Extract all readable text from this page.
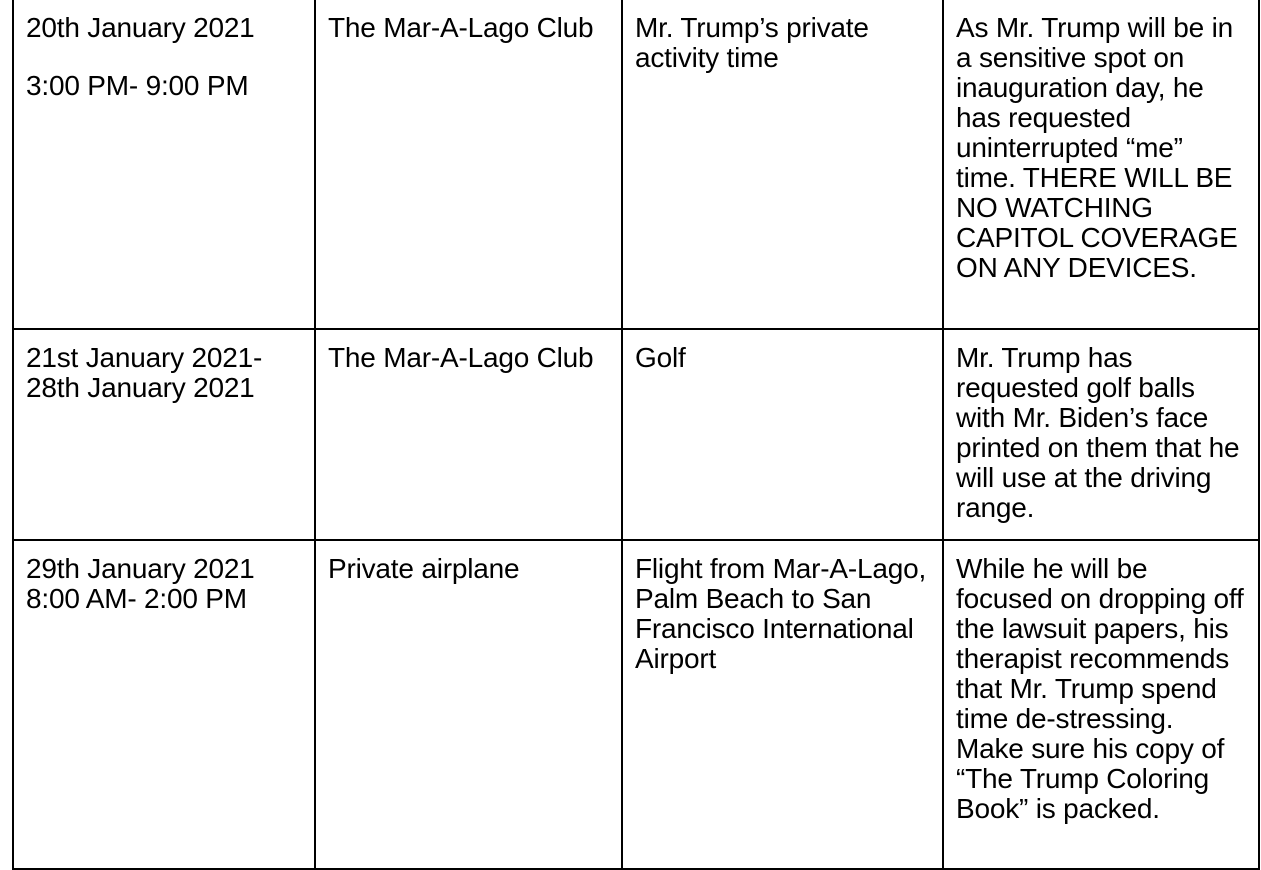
20th January 2021
3:00 PM- 9:00 PM	The Mar-A-Lago Club	Mr. Trump’s private activity time	As Mr. Trump will be in a sensitive spot on inauguration day, he has requested uninterrupted “me” time. THERE WILL BE NO WATCHING CAPITOL COVERAGE ON ANY DEVICES.

21st January 2021-
28th January 2021	The Mar-A-Lago Club	Golf	Mr. Trump has requested golf balls with Mr. Biden’s face printed on them that he will use at the driving range.

29th January 2021
8:00 AM- 2:00 PM	Private airplane	Flight from Mar-A-Lago, Palm Beach to San Francisco International Airport	While he will be focused on dropping off the lawsuit papers, his therapist recommends that Mr. Trump spend time de-stressing. Make sure his copy of “The Trump Coloring Book” is packed.
